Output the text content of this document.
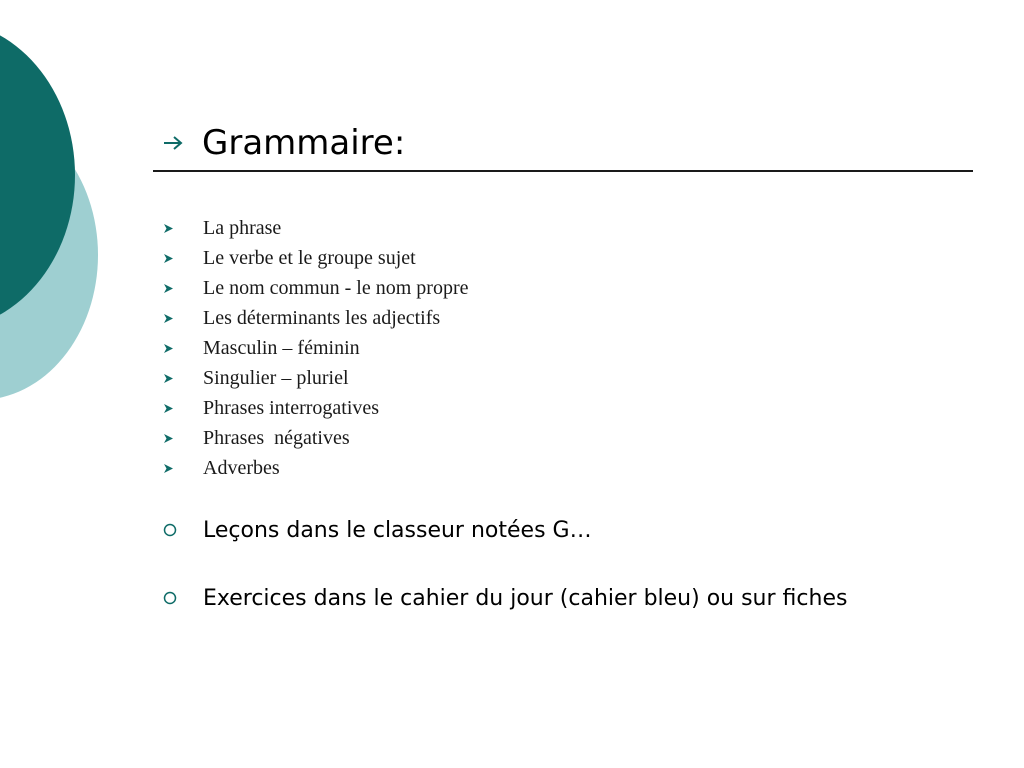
Grammaire:
La phrase
Le verbe et le groupe sujet
Le nom commun - le nom propre
Les déterminants les adjectifs
Masculin – féminin
Singulier – pluriel
Phrases interrogatives
Phrases  négatives
Adverbes
Leçons dans le classeur notées G…
Exercices dans le cahier du jour (cahier bleu) ou sur fiches
